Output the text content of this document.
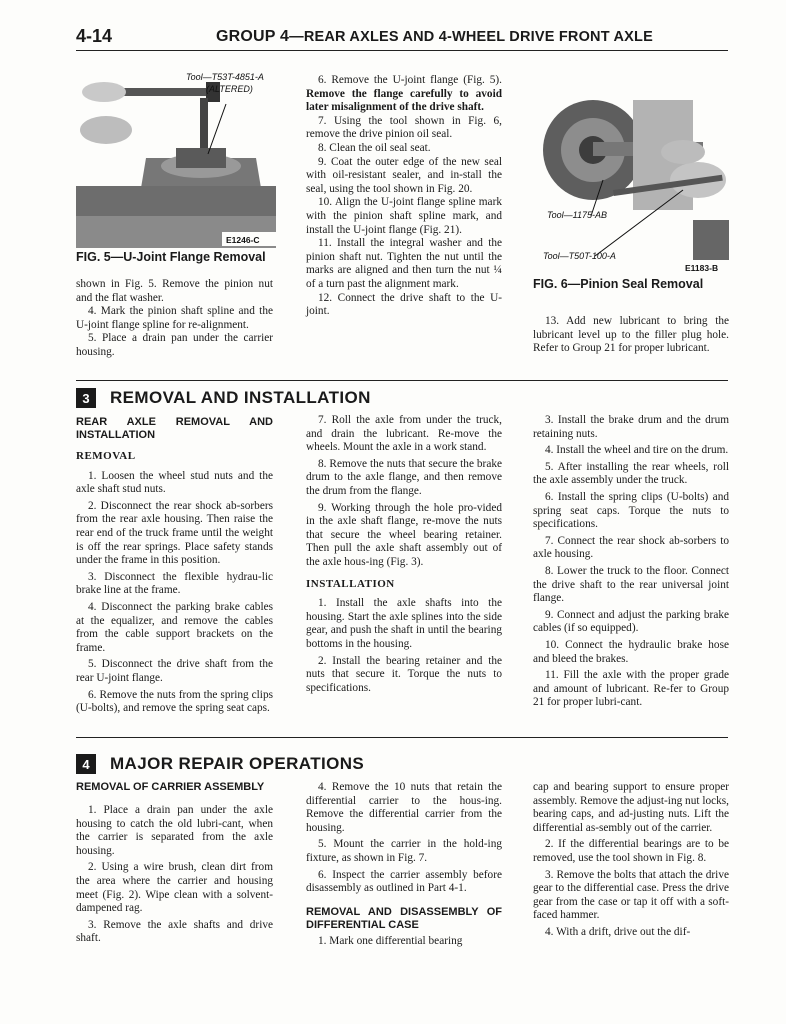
4-14	GROUP 4—REAR AXLES AND 4-WHEEL DRIVE FRONT AXLE
Tool—T53T-4851-A
(ALTERED)
E1246-C
FIG. 5—U-Joint Flange Removal

shown in Fig. 5. Remove the pinion nut and the flat washer.

4. Mark the pinion shaft spline and the U-joint flange spline for re-alignment.

5. Place a drain pan under the carrier housing.

6. Remove the U-joint flange (Fig. 5). Remove the flange carefully to avoid later misalignment of the drive shaft.

7. Using the tool shown in Fig. 6, remove the drive pinion oil seal.

8. Clean the oil seal seat.

9. Coat the outer edge of the new seal with oil-resistant sealer, and in-stall the seal, using the tool shown in Fig. 20.

10. Align the U-joint flange spline mark with the pinion shaft spline mark, and install the U-joint flange (Fig. 21).

11. Install the integral washer and the pinion shaft nut. Tighten the nut until the marks are aligned and then turn the nut ¼ of a turn past the alignment mark.

12. Connect the drive shaft to the U-joint.

Tool—1175-AB
Tool—T50T-100-A
E1183-B
FIG. 6—Pinion Seal Removal

13. Add new lubricant to bring the lubricant level up to the filler plug hole. Refer to Group 21 for proper lubricant.

3	REMOVAL AND INSTALLATION
REAR AXLE REMOVAL AND INSTALLATION
REMOVAL

1. Loosen the wheel stud nuts and the axle shaft stud nuts.

2. Disconnect the rear shock ab-sorbers from the rear axle housing. Then raise the rear end of the truck frame until the weight is off the rear springs. Place safety stands under the frame in this position.

3. Disconnect the flexible hydrau-lic brake line at the frame.

4. Disconnect the parking brake cables at the equalizer, and remove the cables from the cable support brackets on the frame.

5. Disconnect the drive shaft from the rear U-joint flange.

6. Remove the nuts from the spring clips (U-bolts), and remove the spring seat caps.

7. Roll the axle from under the truck, and drain the lubricant. Re-move the wheels. Mount the axle in a work stand.

8. Remove the nuts that secure the brake drum to the axle flange, and then remove the drum from the flange.

9. Working through the hole pro-vided in the axle shaft flange, re-move the nuts that secure the wheel bearing retainer. Then pull the axle shaft assembly out of the axle hous-ing (Fig. 3).

INSTALLATION

1. Install the axle shafts into the housing. Start the axle splines into the side gear, and push the shaft in until the bearing bottoms in the housing.

2. Install the bearing retainer and the nuts that secure it. Torque the nuts to specifications.

3. Install the brake drum and the drum retaining nuts.

4. Install the wheel and tire on the drum.

5. After installing the rear wheels, roll the axle assembly under the truck.

6. Install the spring clips (U-bolts) and spring seat caps. Torque the nuts to specifications.

7. Connect the rear shock ab-sorbers to axle housing.

8. Lower the truck to the floor. Connect the drive shaft to the rear universal joint flange.

9. Connect and adjust the parking brake cables (if so equipped).

10. Connect the hydraulic brake hose and bleed the brakes.

11. Fill the axle with the proper grade and amount of lubricant. Re-fer to Group 21 for proper lubri-cant.

4	MAJOR REPAIR OPERATIONS
REMOVAL OF CARRIER ASSEMBLY

1. Place a drain pan under the axle housing to catch the old lubri-cant, when the carrier is separated from the axle housing.

2. Using a wire brush, clean dirt from the area where the carrier and housing meet (Fig. 2). Wipe clean with a solvent-dampened rag.

3. Remove the axle shafts and drive shaft.

4. Remove the 10 nuts that retain the differential carrier to the hous-ing. Remove the differential carrier from the housing.

5. Mount the carrier in the hold-ing fixture, as shown in Fig. 7.

6. Inspect the carrier assembly before disassembly as outlined in Part 4-1.

REMOVAL AND DISASSEMBLY OF DIFFERENTIAL CASE

1. Mark one differential bearing

cap and bearing support to ensure proper assembly. Remove the adjust-ing nut locks, bearing caps, and ad-justing nuts. Lift the differential as-sembly out of the carrier.

2. If the differential bearings are to be removed, use the tool shown in Fig. 8.

3. Remove the bolts that attach the drive gear to the differential case. Press the drive gear from the case or tap it off with a soft-faced hammer.

4. With a drift, drive out the dif-
